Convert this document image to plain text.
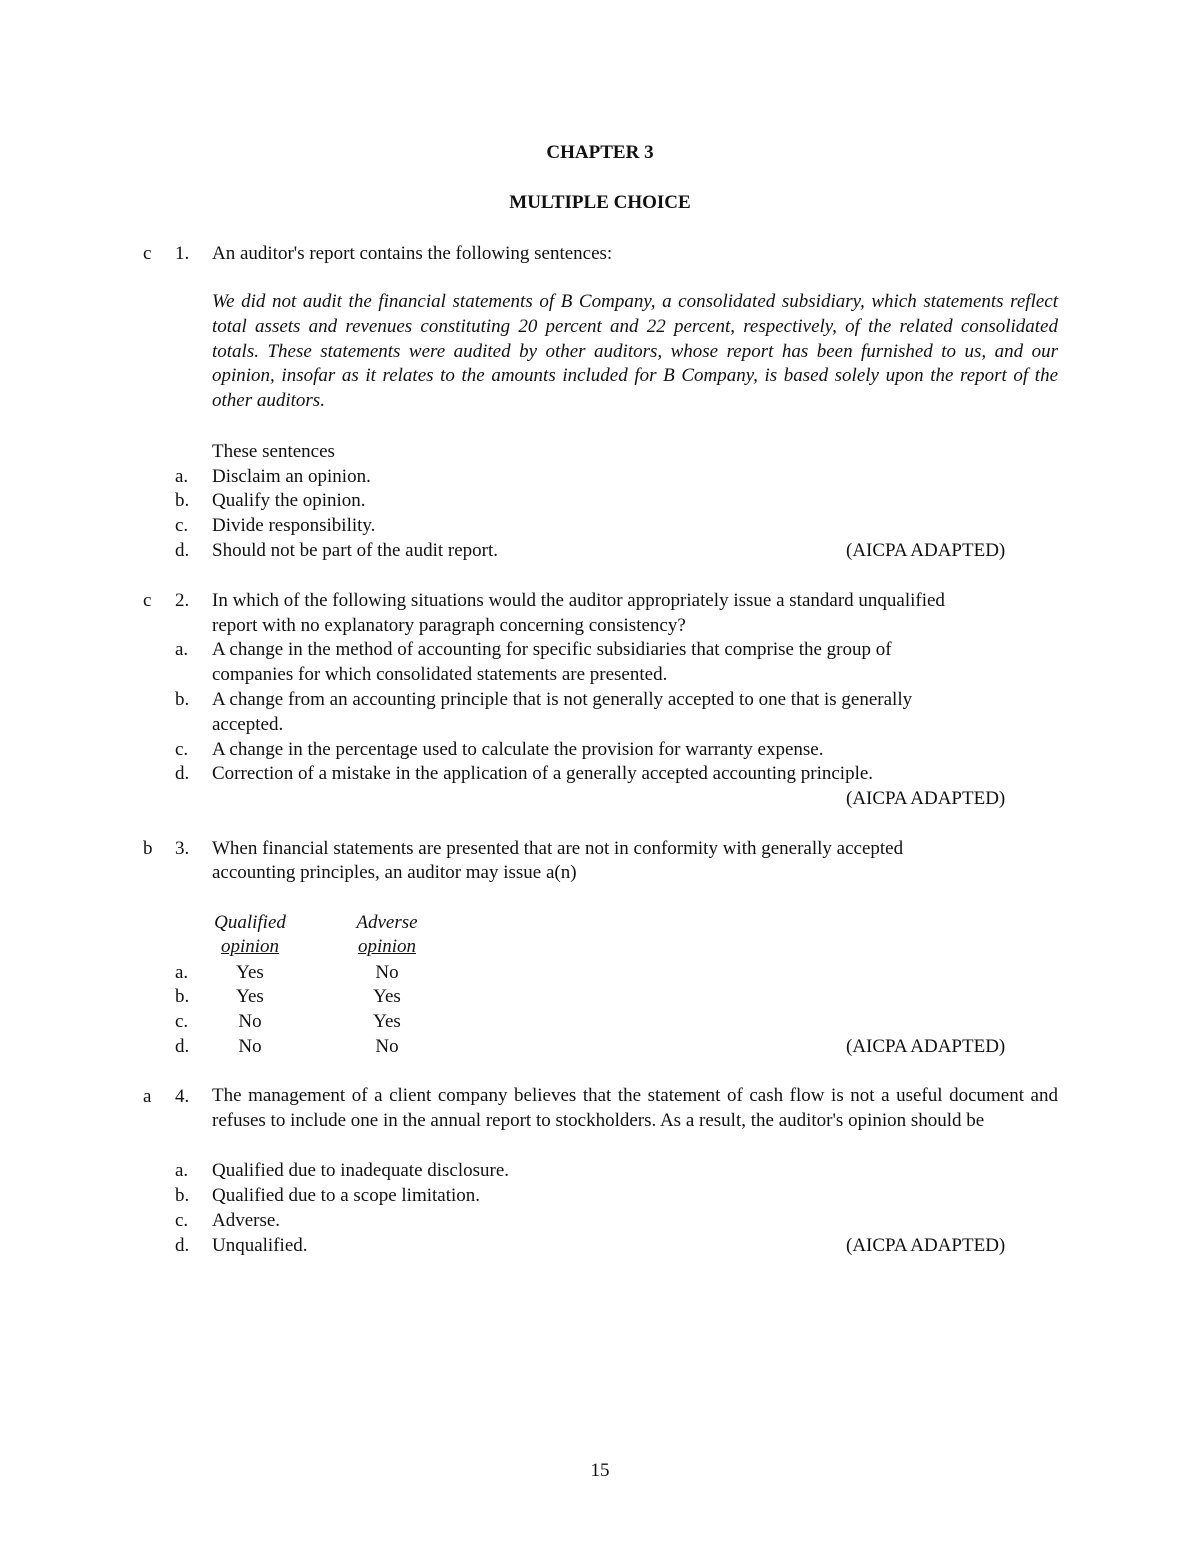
CHAPTER 3
MULTIPLE CHOICE
c 1. An auditor's report contains the following sentences:
We did not audit the financial statements of B Company, a consolidated subsidiary, which statements reflect total assets and revenues constituting 20 percent and 22 percent, respectively, of the related consolidated totals. These statements were audited by other auditors, whose report has been furnished to us, and our opinion, insofar as it relates to the amounts included for B Company, is based solely upon the report of the other auditors.
These sentences
a. Disclaim an opinion.
b. Qualify the opinion.
c. Divide responsibility.
d. Should not be part of the audit report.	(AICPA ADAPTED)
c 2. In which of the following situations would the auditor appropriately issue a standard unqualified
report with no explanatory paragraph concerning consistency?
a. A change in the method of accounting for specific subsidiaries that comprise the group of
companies for which consolidated statements are presented.
b. A change from an accounting principle that is not generally accepted to one that is generally
accepted.
c. A change in the percentage used to calculate the provision for warranty expense.
d. Correction of a mistake in the application of a generally accepted accounting principle.
(AICPA ADAPTED)
b 3. When financial statements are presented that are not in conformity with generally accepted
accounting principles, an auditor may issue a(n)
Qualified
opinion
Adverse
opinion
a.	Yes	No
b.	Yes	Yes
c.	No	Yes
d.	No	No	(AICPA ADAPTED)
a 4. The management of a client company believes that the statement of cash flow is not a useful document and refuses to include one in the annual report to stockholders. As a result, the auditor's opinion should be
a. Qualified due to inadequate disclosure.
b. Qualified due to a scope limitation.
c. Adverse.
d. Unqualified.	(AICPA ADAPTED)
15
